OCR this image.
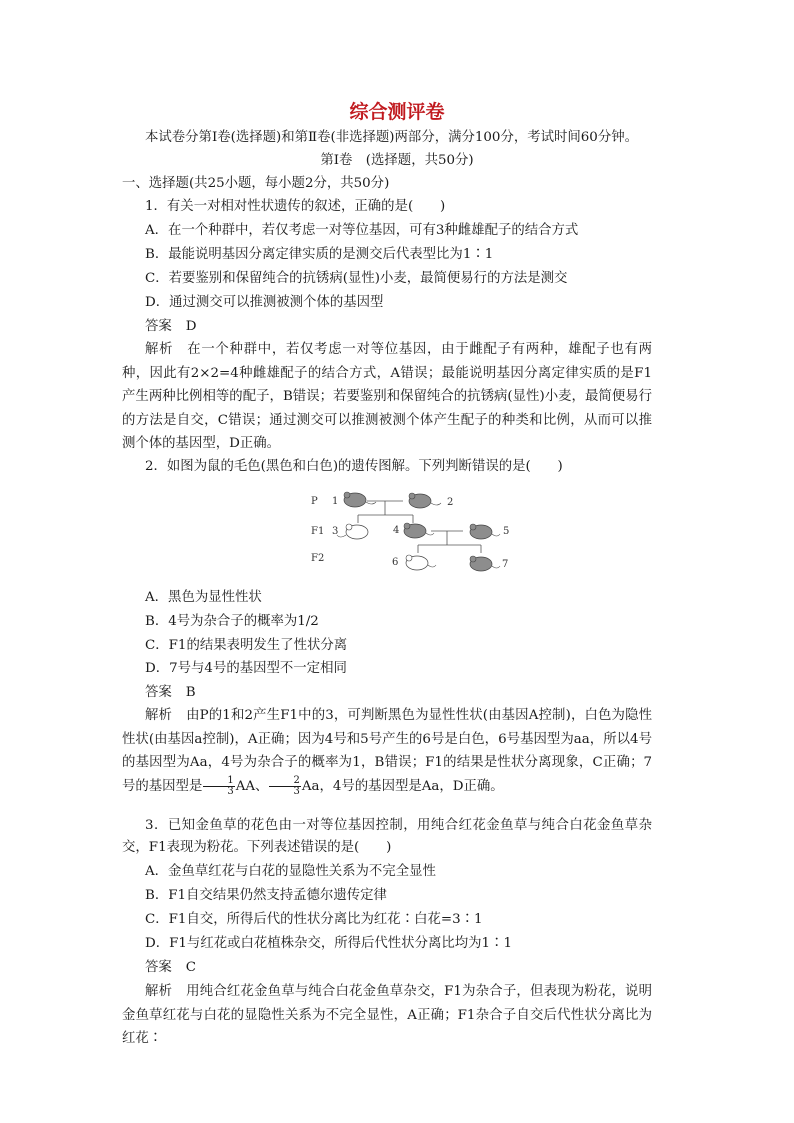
综合测评卷
本试卷分第Ⅰ卷(选择题)和第Ⅱ卷(非选择题)两部分，满分100分，考试时间60分钟。
第Ⅰ卷　(选择题，共50分)
一、选择题(共25小题，每小题2分，共50分)
1．有关一对相对性状遗传的叙述，正确的是(　　)
A．在一个种群中，若仅考虑一对等位基因，可有3种雌雄配子的结合方式
B．最能说明基因分离定律实质的是测交后代表型比为1∶1
C．若要鉴别和保留纯合的抗锈病(显性)小麦，最简便易行的方法是测交
D．通过测交可以推测被测个体的基因型
答案 D
解析 在一个种群中，若仅考虑一对等位基因，由于雌配子有两种，雄配子也有两种，因此有2×2=4种雌雄配子的结合方式，A错误；最能说明基因分离定律实质的是F1产生两种比例相等的配子，B错误；若要鉴别和保留纯合的抗锈病(显性)小麦，最简便易行的方法是自交，C错误；通过测交可以推测被测个体产生配子的种类和比例，从而可以推测个体的基因型，D正确。
2．如图为鼠的毛色(黑色和白色)的遗传图解。下列判断错误的是(　　)
P
F1
F2
1	2
3	4	5
6	7
A．黑色为显性性状
B．4号为杂合子的概率为1/2
C．F1的结果表明发生了性状分离
D．7号与4号的基因型不一定相同
答案 B
解析 由P的1和2产生F1中的3，可判断黑色为显性性状(由基因A控制)，白色为隐性性状(由基因a控制)，A正确；因为4号和5号产生的6号是白色，6号基因型为aa，所以4号的基因型为Aa，4号为杂合子的概率为1，B错误；F1的结果是性状分离现象，C正确；7号的基因型是 $\frac{1}{3}$ AA、 $\frac{2}{3}$ Aa，4号的基因型是Aa，D正确。
3．已知金鱼草的花色由一对等位基因控制，用纯合红花金鱼草与纯合白花金鱼草杂交，F1表现为粉花。下列表述错误的是(　　)
A．金鱼草红花与白花的显隐性关系为不完全显性
B．F1自交结果仍然支持孟德尔遗传定律
C．F1自交，所得后代的性状分离比为红花∶白花=3∶1
D．F1与红花或白花植株杂交，所得后代性状分离比均为1∶1
答案 C
解析 用纯合红花金鱼草与纯合白花金鱼草杂交，F1为杂合子，但表现为粉花，说明金鱼草红花与白花的显隐性关系为不完全显性，A正确；F1杂合子自交后代性状分离比为红花∶
